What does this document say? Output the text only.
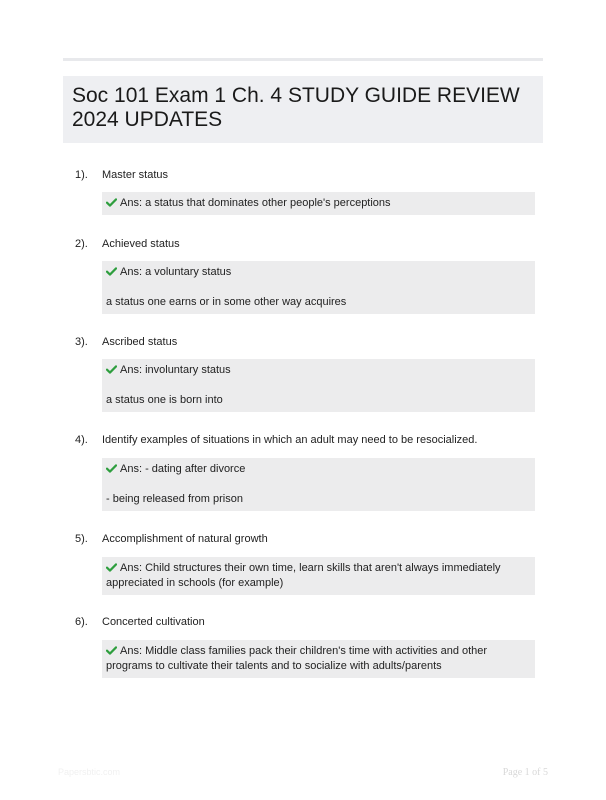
Soc 101 Exam 1 Ch. 4 STUDY GUIDE REVIEW 2024 UPDATES
1). Master status
Ans: a status that dominates other people's perceptions
2). Achieved status
Ans: a voluntary status
a status one earns or in some other way acquires
3). Ascribed status
Ans: involuntary status
a status one is born into
4). Identify examples of situations in which an adult may need to be resocialized.
Ans: - dating after divorce
- being released from prison
5). Accomplishment of natural growth
Ans: Child structures their own time, learn skills that aren't always immediately appreciated in schools (for example)
6). Concerted cultivation
Ans: Middle class families pack their children's time with activities and other programs to cultivate their talents and to socialize with adults/parents
Papersbtic.com	Page 1 of 5
